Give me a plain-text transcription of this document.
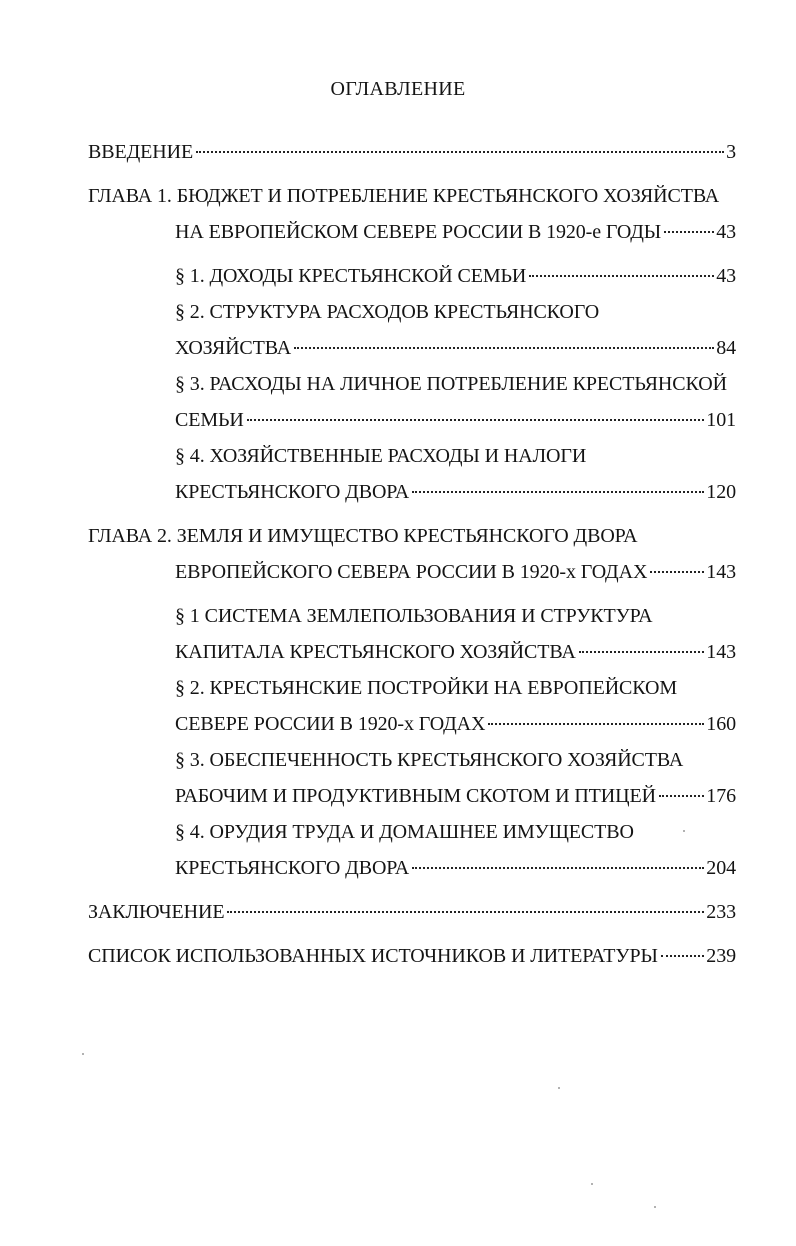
ОГЛАВЛЕНИЕ
ВВЕДЕНИЕ	3
ГЛАВА 1. БЮДЖЕТ И ПОТРЕБЛЕНИЕ КРЕСТЬЯНСКОГО ХОЗЯЙСТВА
НА ЕВРОПЕЙСКОМ СЕВЕРЕ РОССИИ В 1920-е ГОДЫ	43
§ 1. ДОХОДЫ КРЕСТЬЯНСКОЙ СЕМЬИ	43
§ 2. СТРУКТУРА РАСХОДОВ КРЕСТЬЯНСКОГО
ХОЗЯЙСТВА	84
§ 3. РАСХОДЫ НА ЛИЧНОЕ ПОТРЕБЛЕНИЕ КРЕСТЬЯНСКОЙ
СЕМЬИ	101
§ 4. ХОЗЯЙСТВЕННЫЕ РАСХОДЫ И НАЛОГИ
КРЕСТЬЯНСКОГО ДВОРА	120
ГЛАВА 2. ЗЕМЛЯ И ИМУЩЕСТВО КРЕСТЬЯНСКОГО ДВОРА
ЕВРОПЕЙСКОГО СЕВЕРА РОССИИ В 1920-х ГОДАХ	143
§ 1 СИСТЕМА ЗЕМЛЕПОЛЬЗОВАНИЯ И СТРУКТУРА
КАПИТАЛА КРЕСТЬЯНСКОГО ХОЗЯЙСТВА	143
§ 2. КРЕСТЬЯНСКИЕ ПОСТРОЙКИ НА ЕВРОПЕЙСКОМ
СЕВЕРЕ РОССИИ В 1920-х ГОДАХ	160
§ 3. ОБЕСПЕЧЕННОСТЬ КРЕСТЬЯНСКОГО ХОЗЯЙСТВА
РАБОЧИМ И ПРОДУКТИВНЫМ СКОТОМ И ПТИЦЕЙ	176
§ 4. ОРУДИЯ ТРУДА И ДОМАШНЕЕ ИМУЩЕСТВО
КРЕСТЬЯНСКОГО ДВОРА	204
ЗАКЛЮЧЕНИЕ	233
СПИСОК ИСПОЛЬЗОВАННЫХ ИСТОЧНИКОВ И ЛИТЕРАТУРЫ 239
